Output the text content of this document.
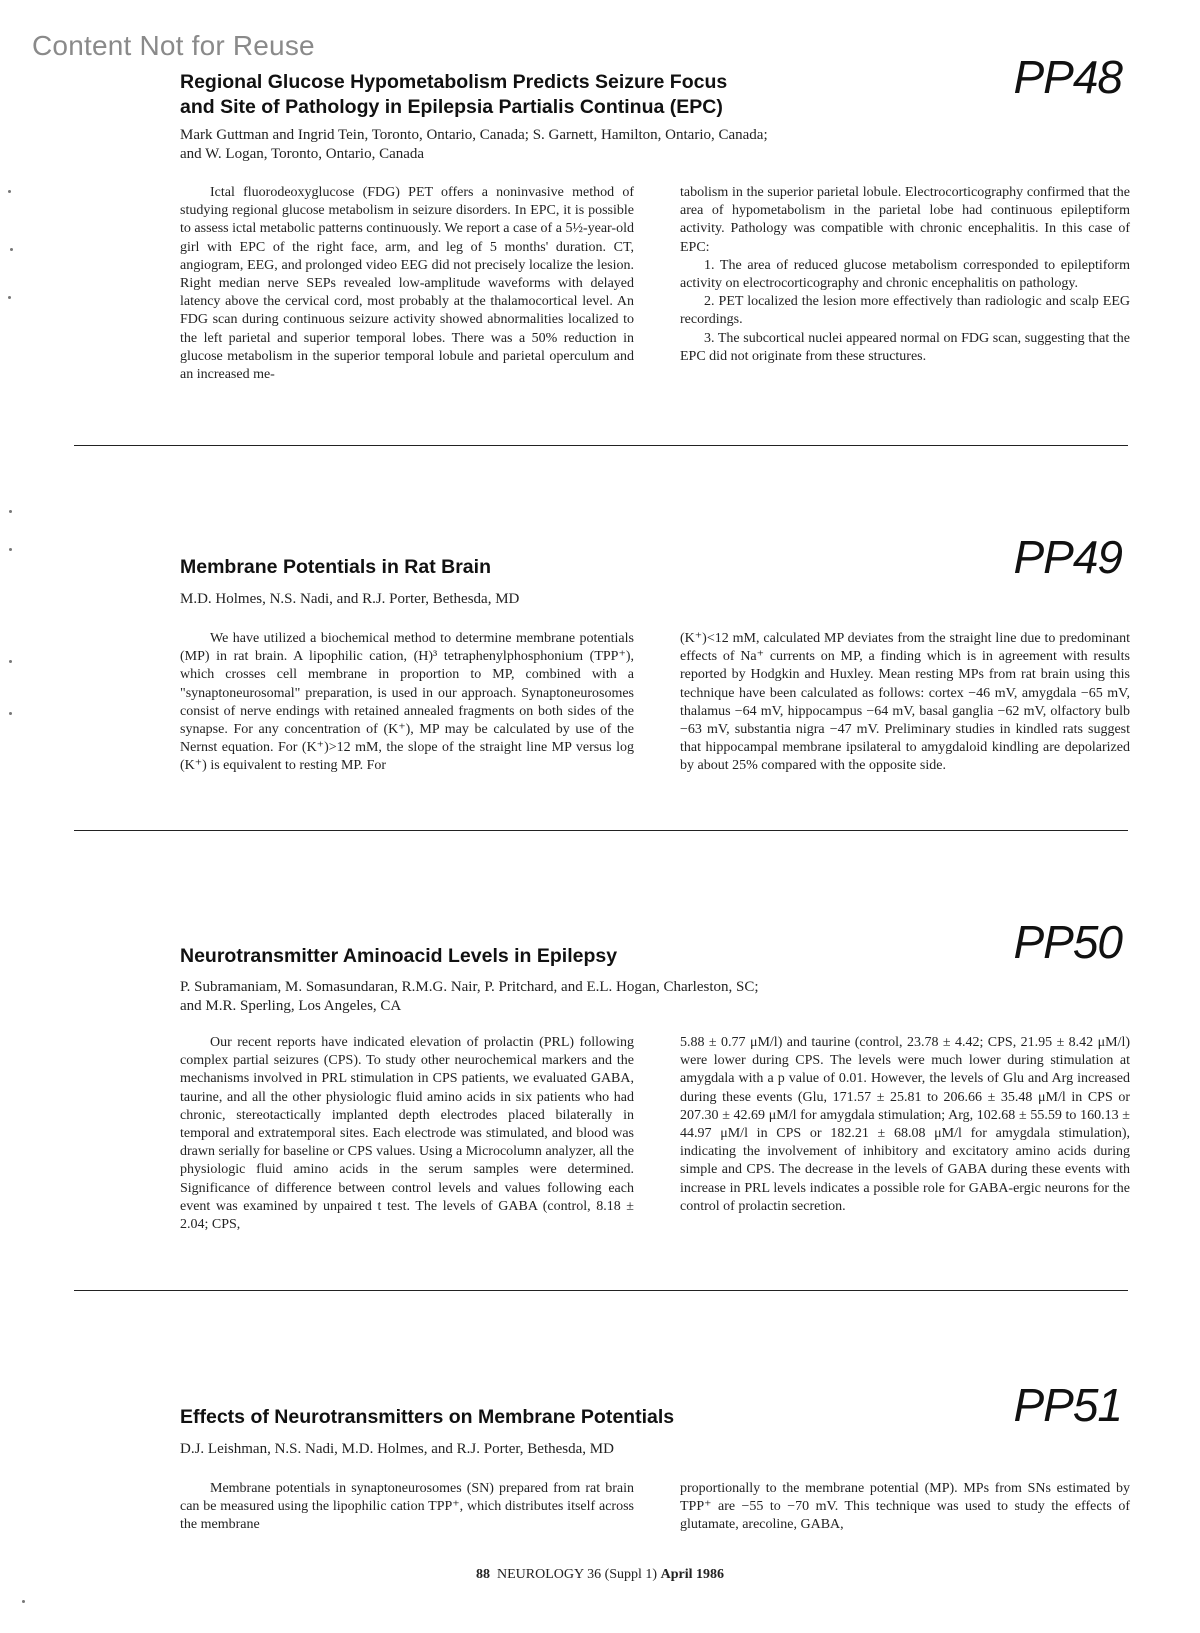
Content Not for Reuse
PP48
Regional Glucose Hypometabolism Predicts Seizure Focus
and Site of Pathology in Epilepsia Partialis Continua (EPC)
Mark Guttman and Ingrid Tein, Toronto, Ontario, Canada; S. Garnett, Hamilton, Ontario, Canada;
and W. Logan, Toronto, Ontario, Canada

Ictal fluorodeoxyglucose (FDG) PET offers a noninvasive method of studying regional glucose metabolism in seizure disorders. In EPC, it is possible to assess ictal metabolic patterns continuously. We report a case of a 5½-year-old girl with EPC of the right face, arm, and leg of 5 months' duration. CT, angiogram, EEG, and prolonged video EEG did not precisely localize the lesion. Right median nerve SEPs revealed low-amplitude waveforms with delayed latency above the cervical cord, most probably at the thalamocortical level. An FDG scan during continuous seizure activity showed abnormalities localized to the left parietal and superior temporal lobes. There was a 50% reduction in glucose metabolism in the superior temporal lobule and parietal operculum and an increased me-

tabolism in the superior parietal lobule. Electrocorticography confirmed that the area of hypometabolism in the parietal lobe had continuous epileptiform activity. Pathology was compatible with chronic encephalitis. In this case of EPC:

1. The area of reduced glucose metabolism corresponded to epileptiform activity on electrocorticography and chronic encephalitis on pathology.

2. PET localized the lesion more effectively than radiologic and scalp EEG recordings.

3. The subcortical nuclei appeared normal on FDG scan, suggesting that the EPC did not originate from these structures.

PP49
Membrane Potentials in Rat Brain
M.D. Holmes, N.S. Nadi, and R.J. Porter, Bethesda, MD

We have utilized a biochemical method to determine membrane potentials (MP) in rat brain. A lipophilic cation, (H)³ tetraphenylphosphonium (TPP⁺), which crosses cell membrane in proportion to MP, combined with a "synaptoneurosomal" preparation, is used in our approach. Synaptoneurosomes consist of nerve endings with retained annealed fragments on both sides of the synapse. For any concentration of (K⁺), MP may be calculated by use of the Nernst equation. For (K⁺)>12 mM, the slope of the straight line MP versus log (K⁺) is equivalent to resting MP. For

(K⁺)<12 mM, calculated MP deviates from the straight line due to predominant effects of Na⁺ currents on MP, a finding which is in agreement with results reported by Hodgkin and Huxley. Mean resting MPs from rat brain using this technique have been calculated as follows: cortex −46 mV, amygdala −65 mV, thalamus −64 mV, hippocampus −64 mV, basal ganglia −62 mV, olfactory bulb −63 mV, substantia nigra −47 mV. Preliminary studies in kindled rats suggest that hippocampal membrane ipsilateral to amygdaloid kindling are depolarized by about 25% compared with the opposite side.

PP50
Neurotransmitter Aminoacid Levels in Epilepsy
P. Subramaniam, M. Somasundaran, R.M.G. Nair, P. Pritchard, and E.L. Hogan, Charleston, SC;
and M.R. Sperling, Los Angeles, CA

Our recent reports have indicated elevation of prolactin (PRL) following complex partial seizures (CPS). To study other neurochemical markers and the mechanisms involved in PRL stimulation in CPS patients, we evaluated GABA, taurine, and all the other physiologic fluid amino acids in six patients who had chronic, stereotactically implanted depth electrodes placed bilaterally in temporal and extratemporal sites. Each electrode was stimulated, and blood was drawn serially for baseline or CPS values. Using a Microcolumn analyzer, all the physiologic fluid amino acids in the serum samples were determined. Significance of difference between control levels and values following each event was examined by unpaired t test. The levels of GABA (control, 8.18 ± 2.04; CPS,

5.88 ± 0.77 μM/l) and taurine (control, 23.78 ± 4.42; CPS, 21.95 ± 8.42 μM/l) were lower during CPS. The levels were much lower during stimulation at amygdala with a p value of 0.01. However, the levels of Glu and Arg increased during these events (Glu, 171.57 ± 25.81 to 206.66 ± 35.48 μM/l in CPS or 207.30 ± 42.69 μM/l for amygdala stimulation; Arg, 102.68 ± 55.59 to 160.13 ± 44.97 μM/l in CPS or 182.21 ± 68.08 μM/l for amygdala stimulation), indicating the involvement of inhibitory and excitatory amino acids during simple and CPS. The decrease in the levels of GABA during these events with increase in PRL levels indicates a possible role for GABA-ergic neurons for the control of prolactin secretion.

PP51
Effects of Neurotransmitters on Membrane Potentials
D.J. Leishman, N.S. Nadi, M.D. Holmes, and R.J. Porter, Bethesda, MD

Membrane potentials in synaptoneurosomes (SN) prepared from rat brain can be measured using the lipophilic cation TPP⁺, which distributes itself across the membrane

proportionally to the membrane potential (MP). MPs from SNs estimated by TPP⁺ are −55 to −70 mV. This technique was used to study the effects of glutamate, arecoline, GABA,

88 NEUROLOGY 36 (Suppl 1) April 1986
